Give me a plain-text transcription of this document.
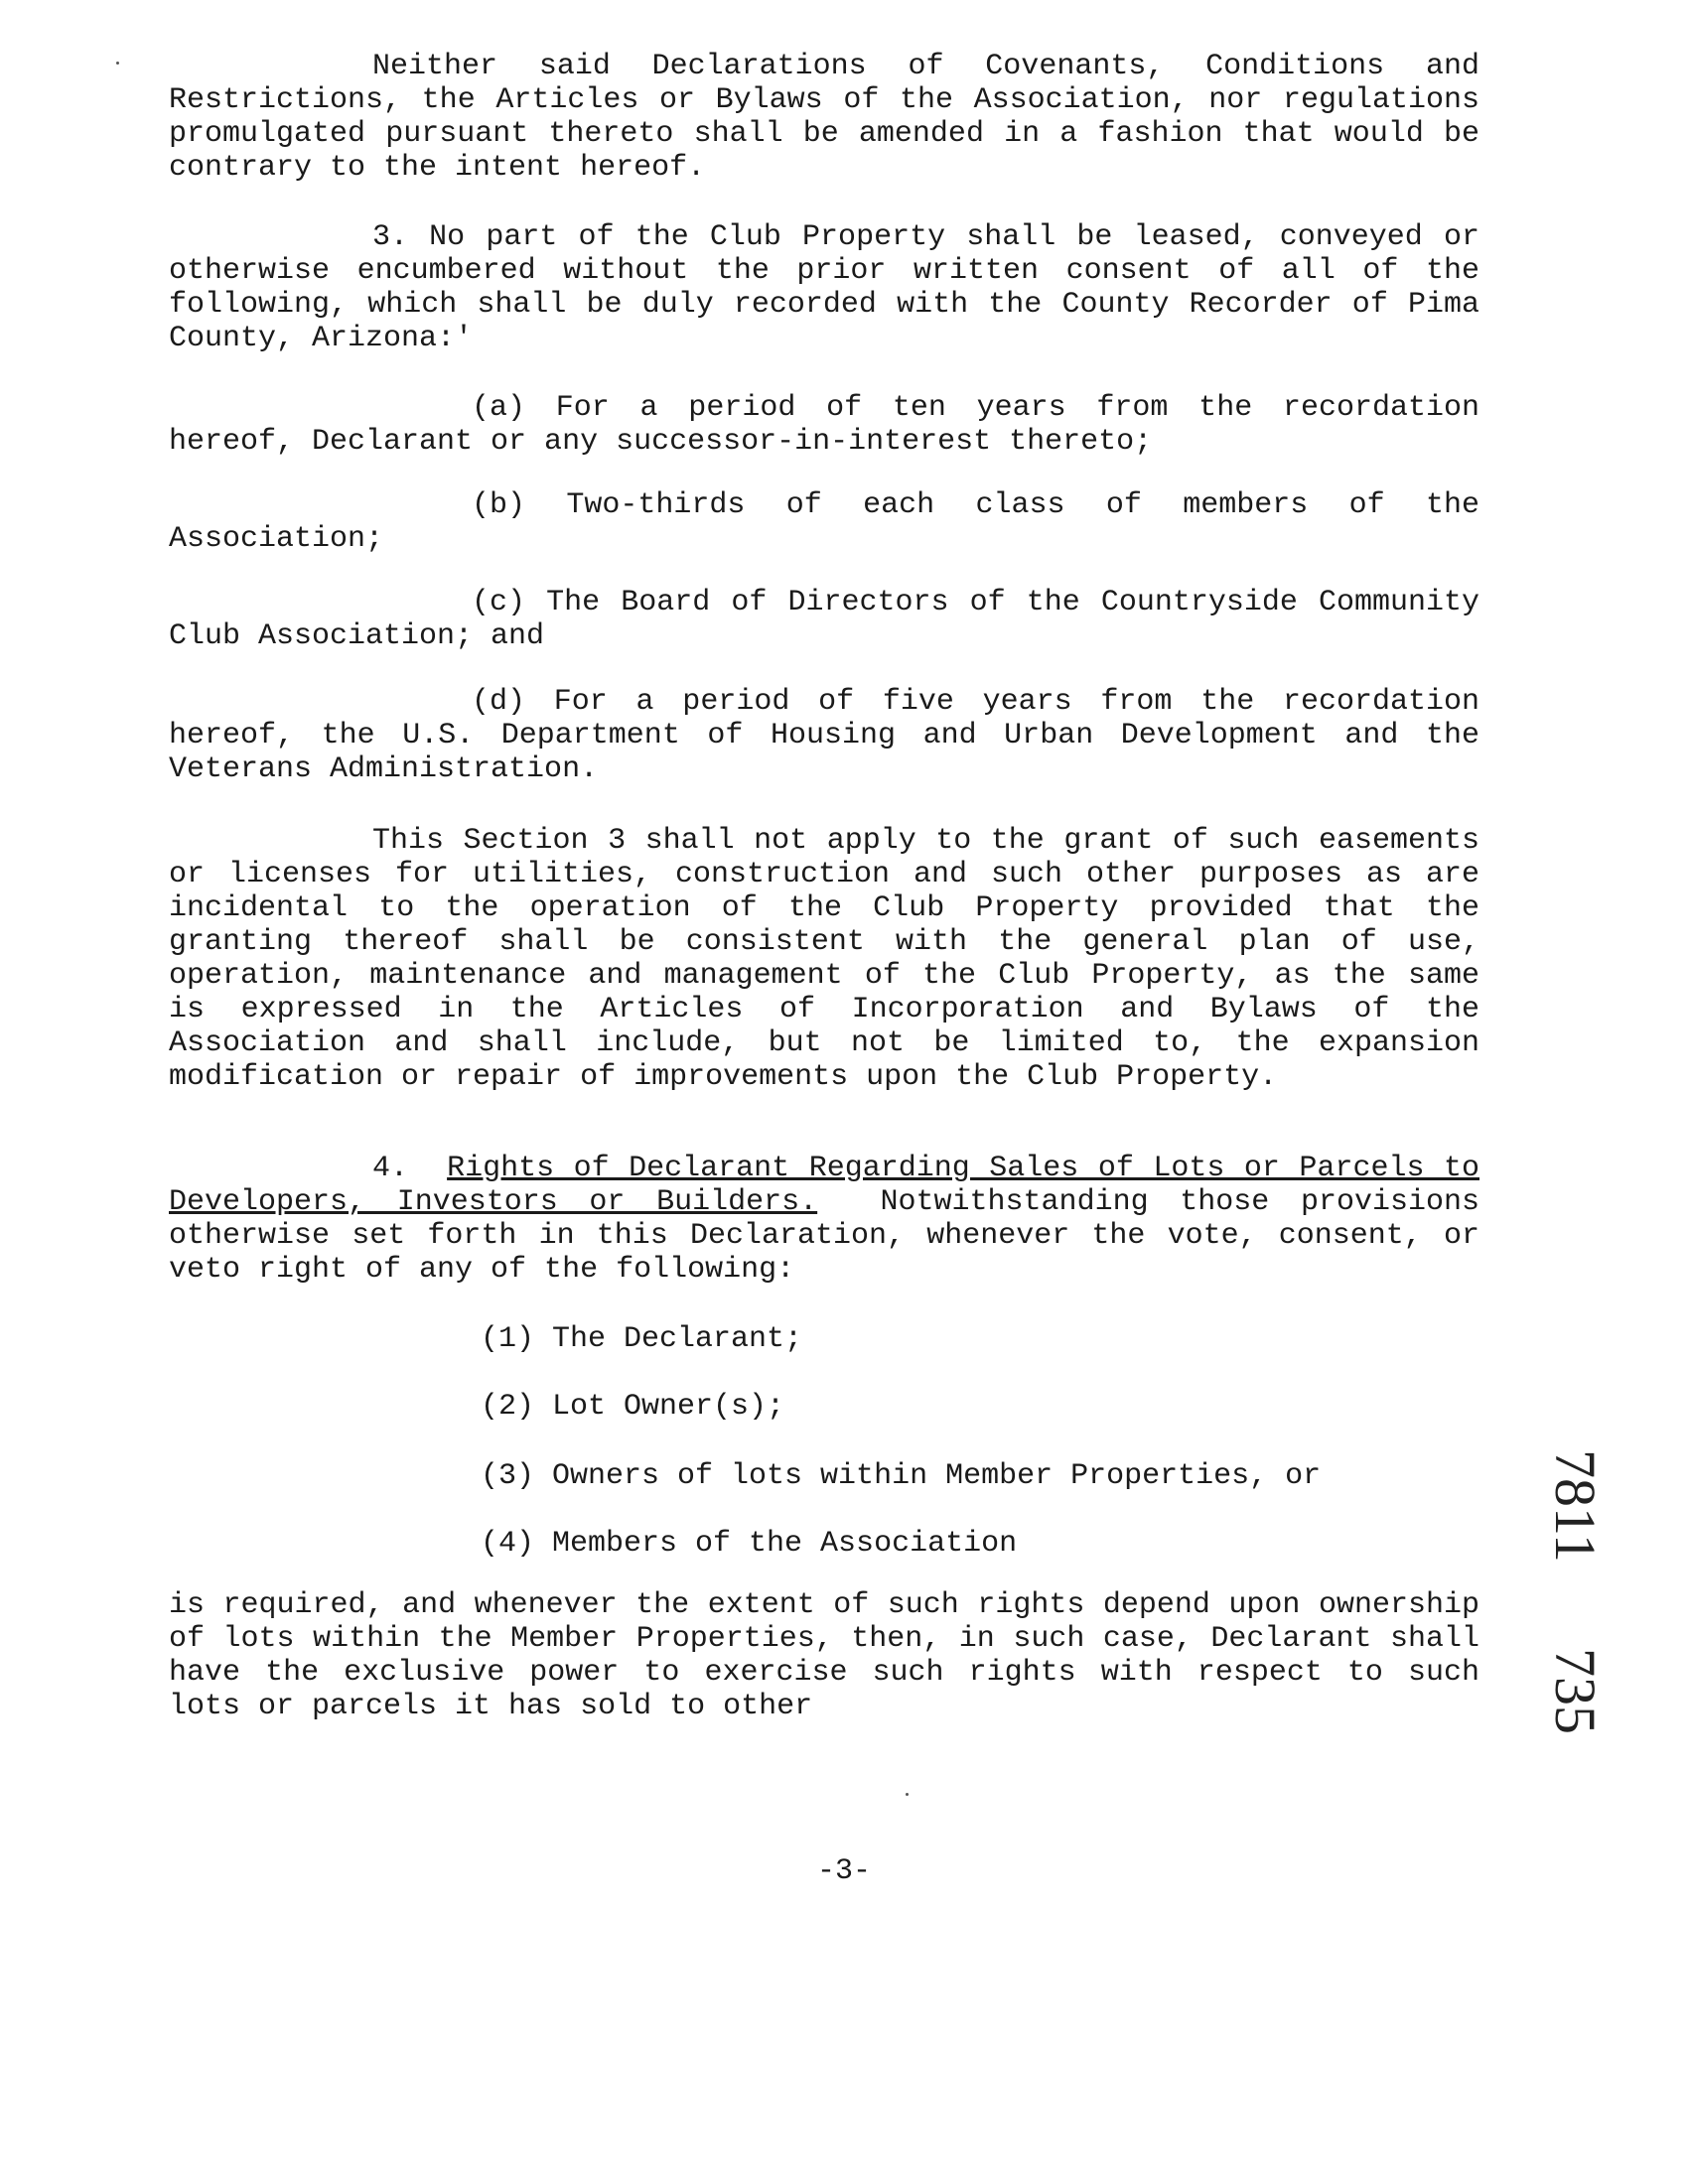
Neither said Declarations of Covenants, Conditions and Restrictions, the Articles or Bylaws of the Association, nor regulations promulgated pursuant thereto shall be amended in a fashion that would be contrary to the intent hereof.

3. No part of the Club Property shall be leased, conveyed or otherwise encumbered without the prior written consent of all of the following, which shall be duly recorded with the County Recorder of Pima County, Arizona:'

(a) For a period of ten years from the recordation hereof, Declarant or any successor-in-interest thereto;

(b) Two-thirds of each class of members of the Association;

(c) The Board of Directors of the Countryside Community Club Association; and

(d) For a period of five years from the recordation hereof, the U.S. Department of Housing and Urban Development and the Veterans Administration.

This Section 3 shall not apply to the grant of such easements or licenses for utilities, construction and such other purposes as are incidental to the operation of the Club Property provided that the granting thereof shall be consistent with the general plan of use, operation, maintenance and management of the Club Property, as the same is expressed in the Articles of Incorporation and Bylaws of the Association and shall include, but not be limited to, the expansion modification or repair of improvements upon the Club Property.

4. Rights of Declarant Regarding Sales of Lots or Parcels to Developers, Investors or Builders. Notwithstanding those provisions otherwise set forth in this Declaration, whenever the vote, consent, or veto right of any of the following:

(1) The Declarant;

(2) Lot Owner(s);

(3) Owners of lots within Member Properties, or

(4) Members of the Association

is required, and whenever the extent of such rights depend upon ownership of lots within the Member Properties, then, in such case, Declarant shall have the exclusive power to exercise such rights with respect to such lots or parcels it has sold to other

7811
735
-3-
